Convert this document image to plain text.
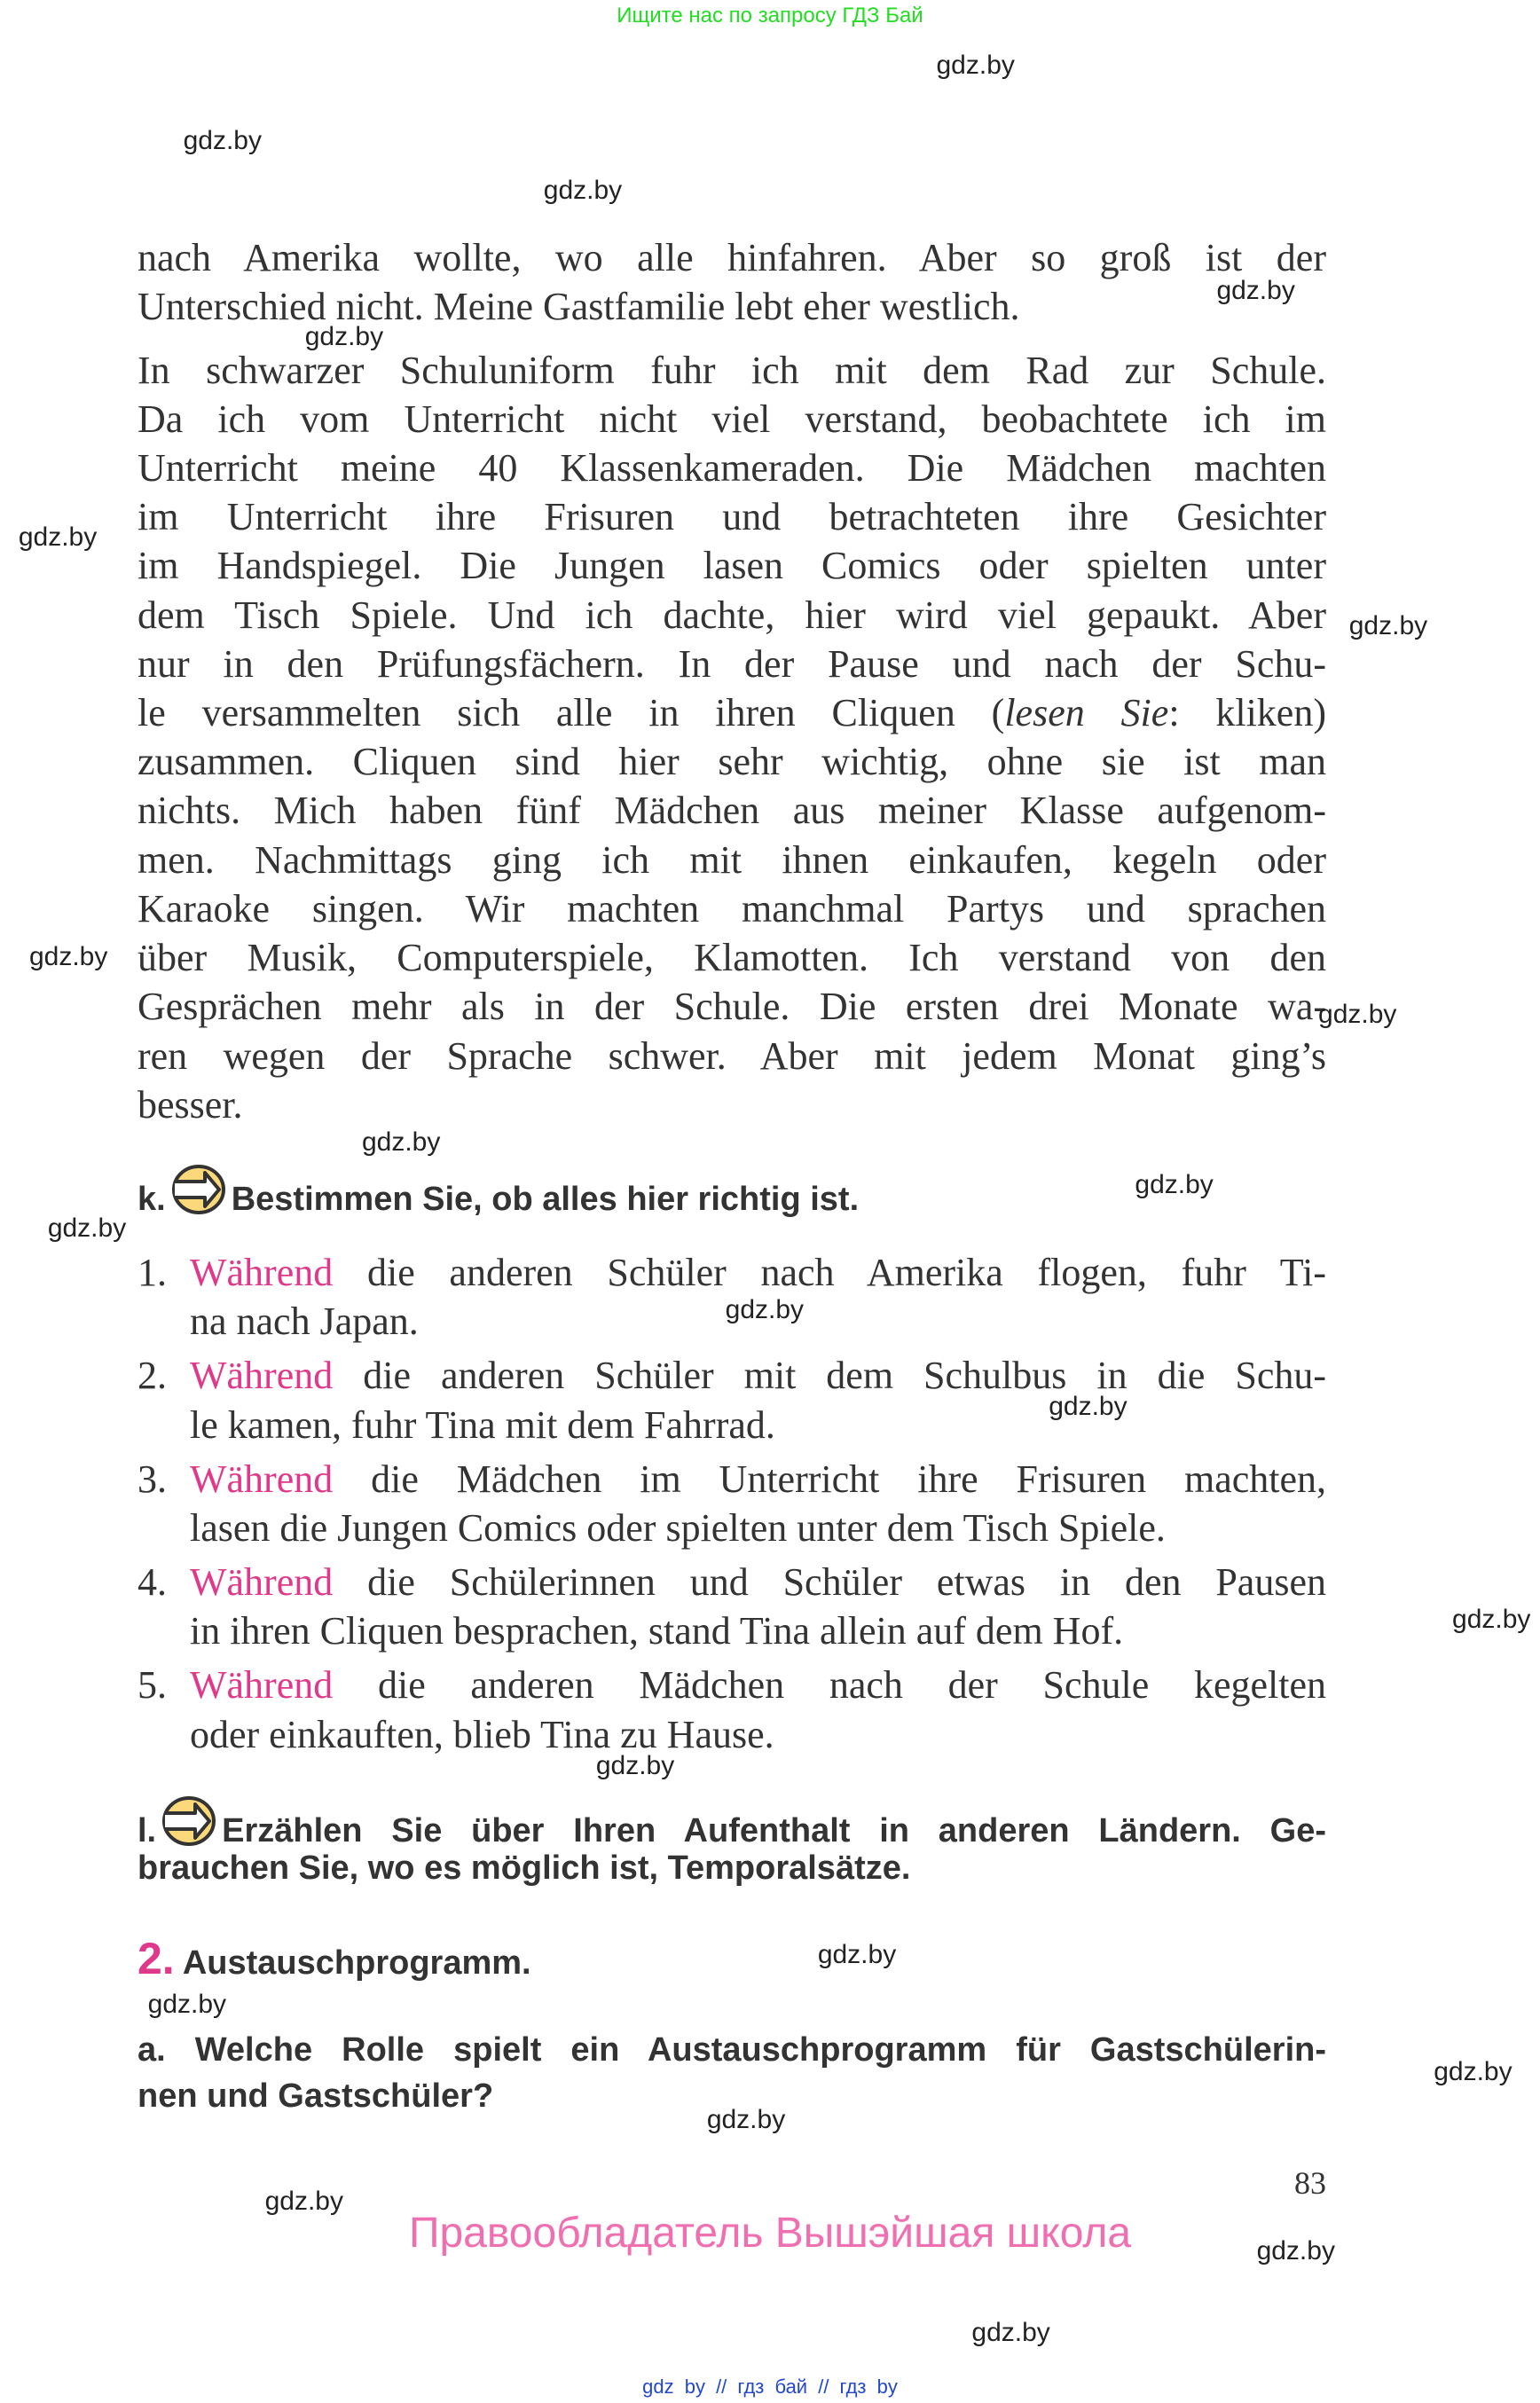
Ищите нас по запросу ГДЗ Бай
gdz by // гдз бай // гдз by
83
Правообладатель Вышэйшая школа
nach Amerika wollte, wo alle hinfahren. Aber so groß ist der
Unterschied nicht. Meine Gastfamilie lebt eher westlich.
In schwarzer Schuluniform fuhr ich mit dem Rad zur Schule.
Da ich vom Unterricht nicht viel verstand, beobachtete ich im
Unterricht meine 40 Klassenkameraden. Die Mädchen machten
im Unterricht ihre Frisuren und betrachteten ihre Gesichter
im Handspiegel. Die Jungen lasen Comics oder spielten unter
dem Tisch Spiele. Und ich dachte, hier wird viel gepaukt. Aber
nur in den Prüfungsfächern. In der Pause und nach der Schu-
le versammelten sich alle in ihren Cliquen (lesen Sie: kliken)
zusammen. Cliquen sind hier sehr wichtig, ohne sie ist man
nichts. Mich haben fünf Mädchen aus meiner Klasse aufgenom-
men. Nachmittags ging ich mit ihnen einkaufen, kegeln oder
Karaoke singen. Wir machten manchmal Partys und sprachen
über Musik, Computerspiele, Klamotten. Ich verstand von den
Gesprächen mehr als in der Schule. Die ersten drei Monate wa-
ren wegen der Sprache schwer. Aber mit jedem Monat ging’s
besser.
k. Bestimmen Sie, ob alles hier richtig ist.
1. Während die anderen Schüler nach Amerika flogen, fuhr Ti-
na nach Japan.
2. Während die anderen Schüler mit dem Schulbus in die Schu-
le kamen, fuhr Tina mit dem Fahrrad.
3. Während die Mädchen im Unterricht ihre Frisuren machten,
lasen die Jungen Comics oder spielten unter dem Tisch Spiele.
4. Während die Schülerinnen und Schüler etwas in den Pausen
in ihren Cliquen besprachen, stand Tina allein auf dem Hof.
5. Während die anderen Mädchen nach der Schule kegelten
oder einkauften, blieb Tina zu Hause.
l. Erzählen Sie über Ihren Aufenthalt in anderen Ländern. Ge-
brauchen Sie, wo es möglich ist, Temporalsätze.
2. Austauschprogramm.
a. Welche Rolle spielt ein Austauschprogramm für Gastschülerin-
nen und Gastschüler?
gdz.by
gdz.by
gdz.by
gdz.by
gdz.by
gdz.by
gdz.by
gdz.by
gdz.by
gdz.by
gdz.by
gdz.by
gdz.by
gdz.by
gdz.by
gdz.by
gdz.by
gdz.by
gdz.by
gdz.by
gdz.by
gdz.by
gdz.by
